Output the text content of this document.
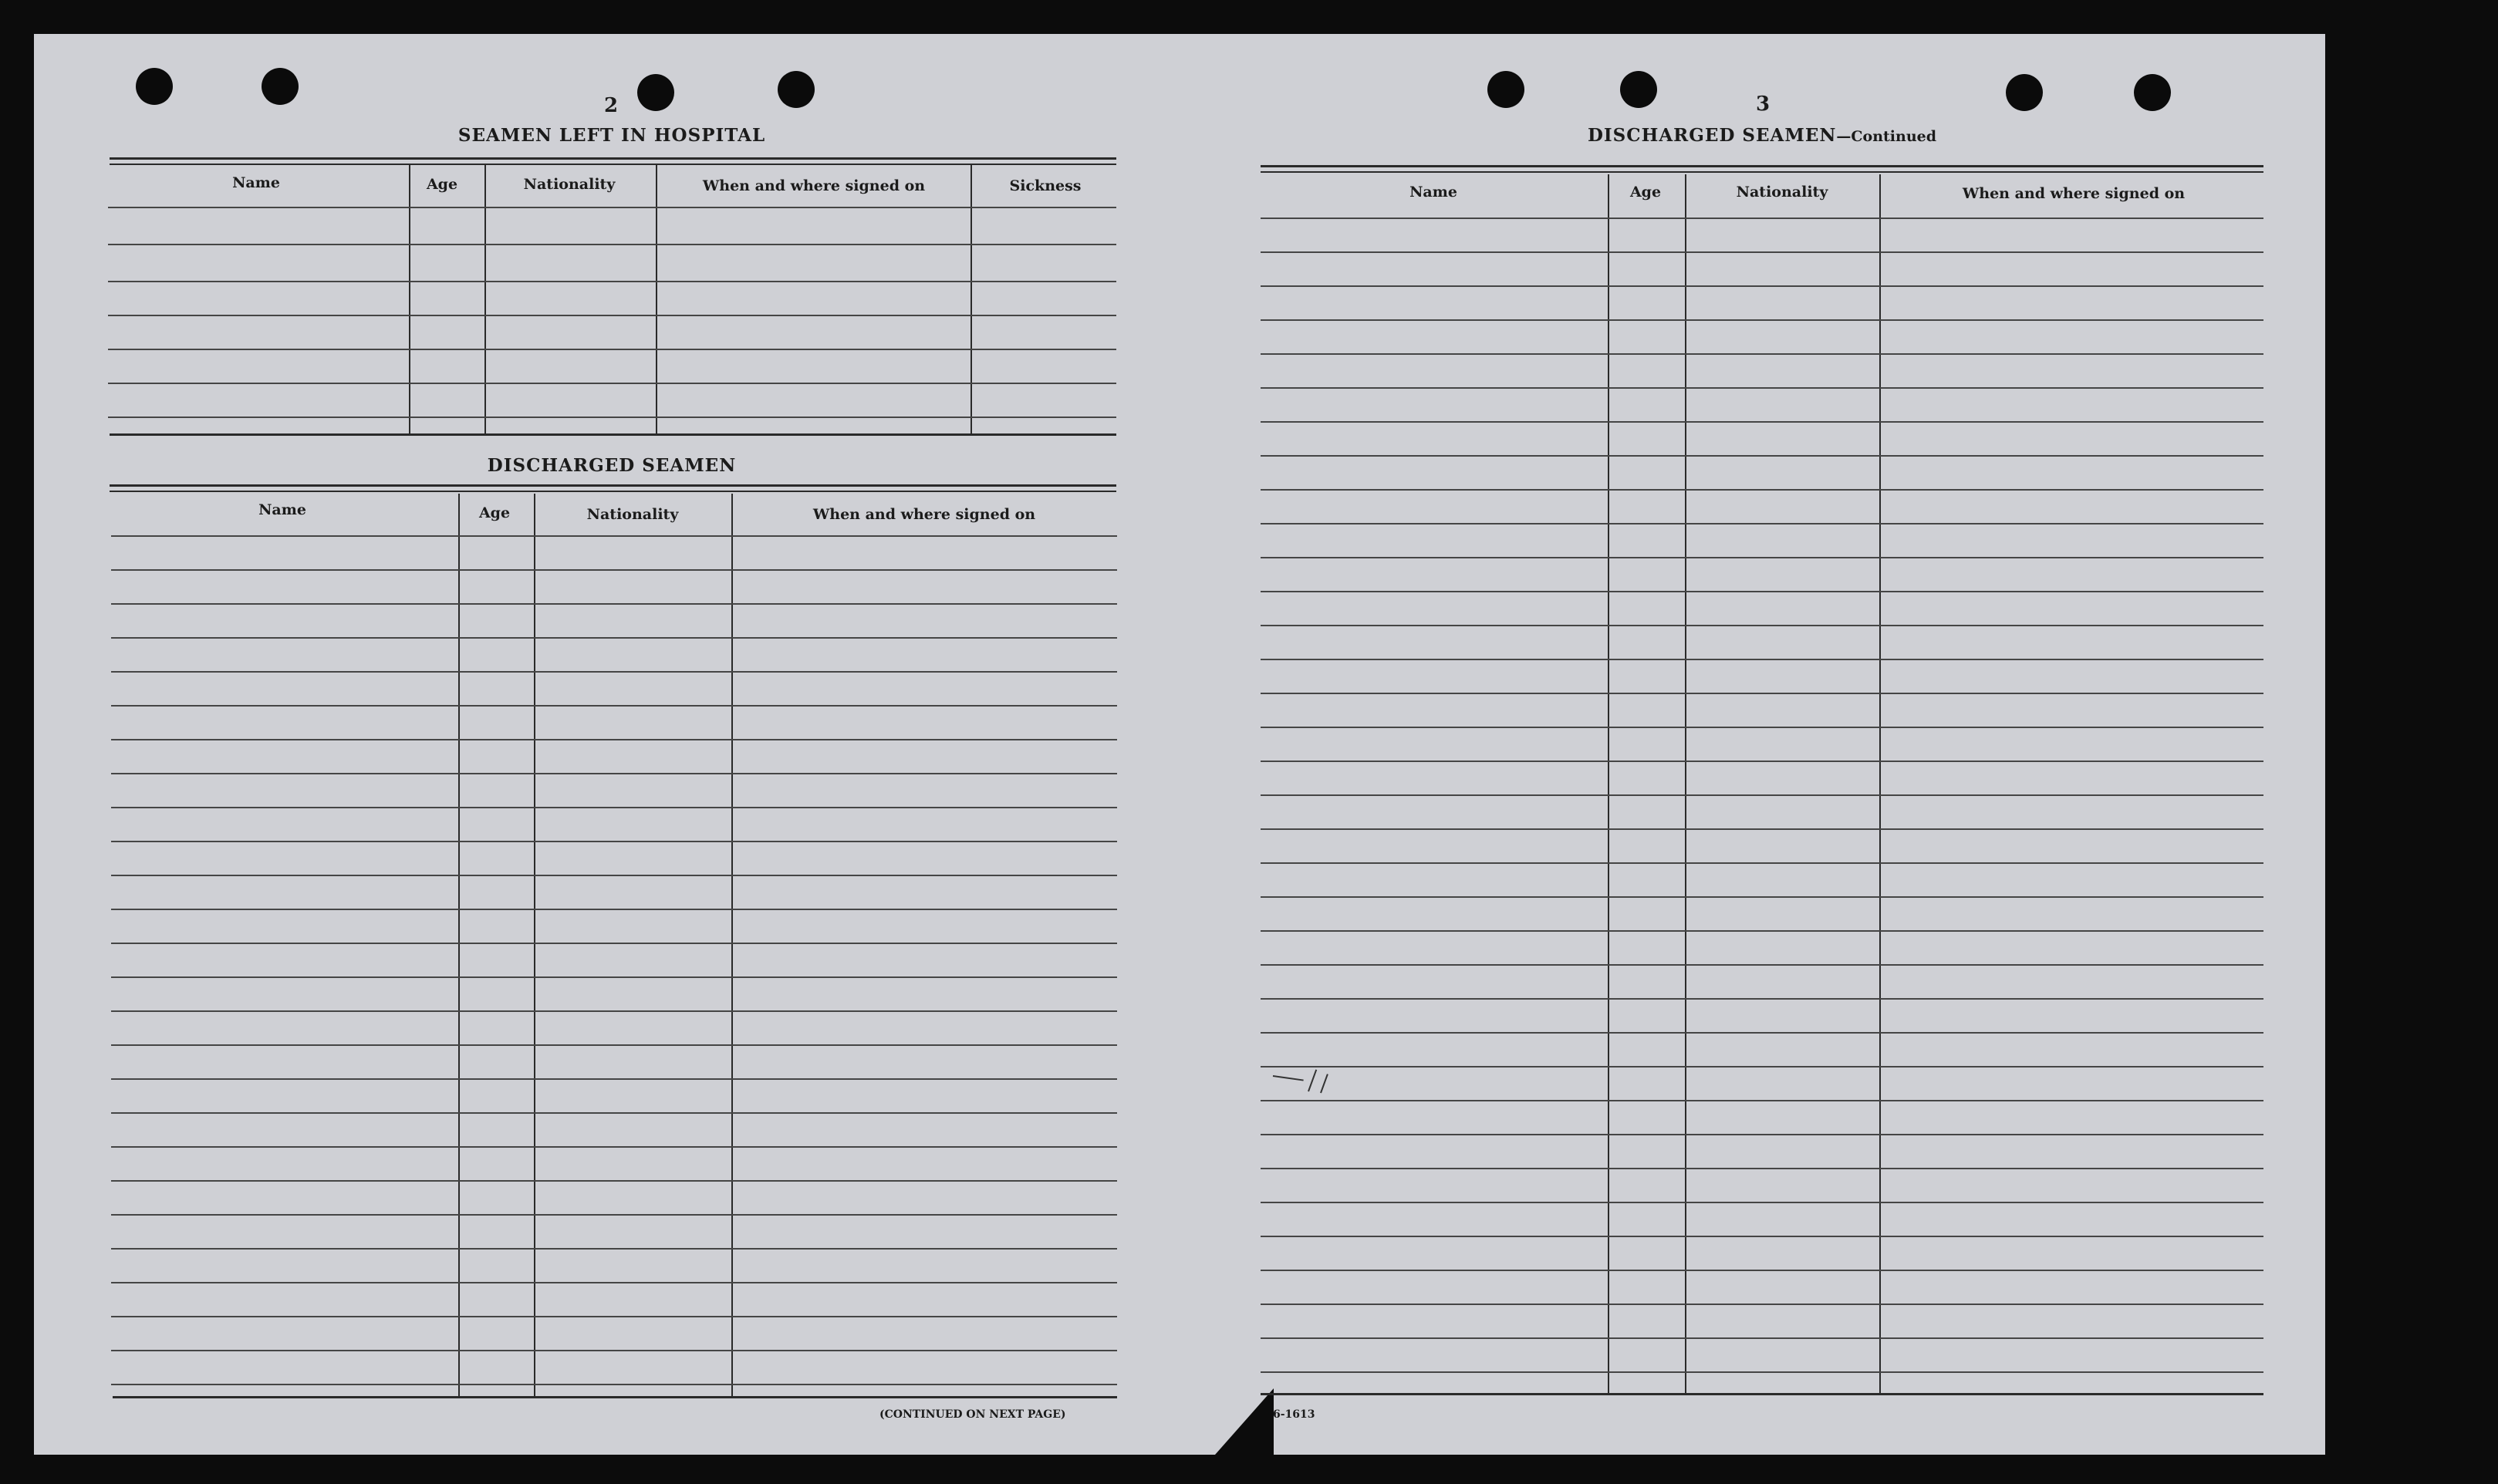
2
SEAMEN LEFT IN HOSPITAL
Name	Age	Nationality	When and where signed on	Sickness
DISCHARGED SEAMEN
Name	Age	Nationality	When and where signed on
(CONTINUED ON NEXT PAGE)
3
DISCHARGED SEAMEN—Continued
Name	Age	Nationality	When and where signed on
6-1613
